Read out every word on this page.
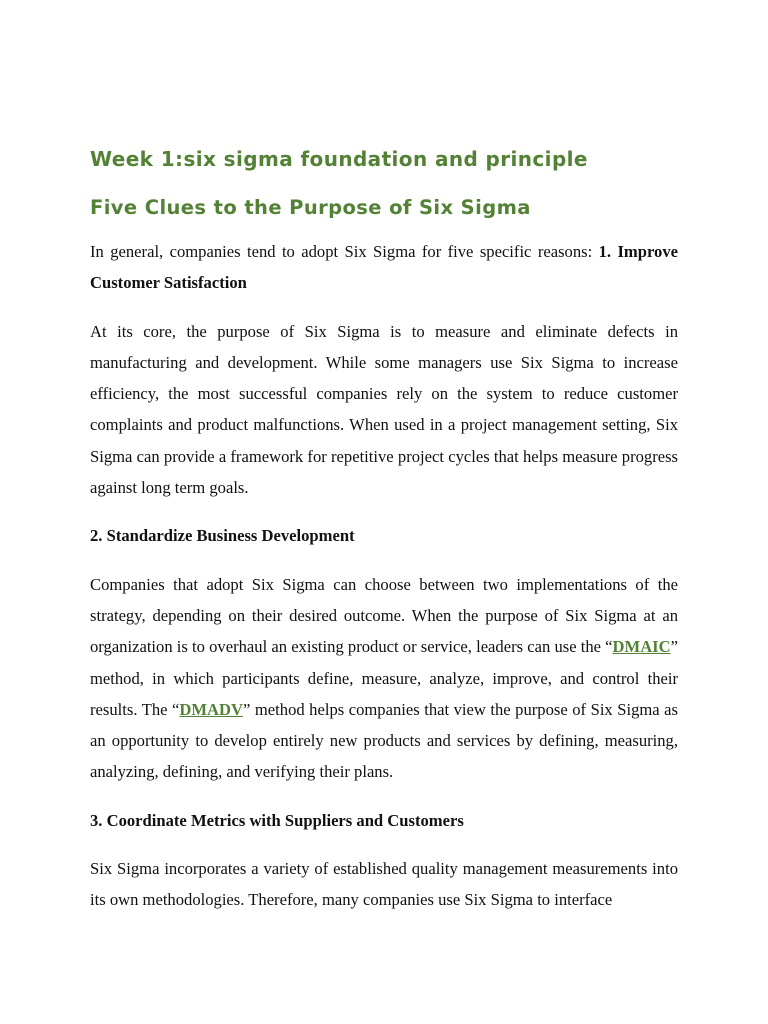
Week 1:six sigma foundation and principle
Five Clues to the Purpose of Six Sigma

In general, companies tend to adopt Six Sigma for five specific reasons: 1. Improve Customer Satisfaction

At its core, the purpose of Six Sigma is to measure and eliminate defects in manufacturing and development. While some managers use Six Sigma to increase efficiency, the most successful companies rely on the system to reduce customer complaints and product malfunctions. When used in a project management setting, Six Sigma can provide a framework for repetitive project cycles that helps measure progress against long term goals.

2. Standardize Business Development

Companies that adopt Six Sigma can choose between two implementations of the strategy, depending on their desired outcome. When the purpose of Six Sigma at an organization is to overhaul an existing product or service, leaders can use the “DMAIC” method, in which participants define, measure, analyze, improve, and control their results. The “DMADV” method helps companies that view the purpose of Six Sigma as an opportunity to develop entirely new products and services by defining, measuring, analyzing, defining, and verifying their plans.

3. Coordinate Metrics with Suppliers and Customers

Six Sigma incorporates a variety of established quality management measurements into its own methodologies. Therefore, many companies use Six Sigma to interface
